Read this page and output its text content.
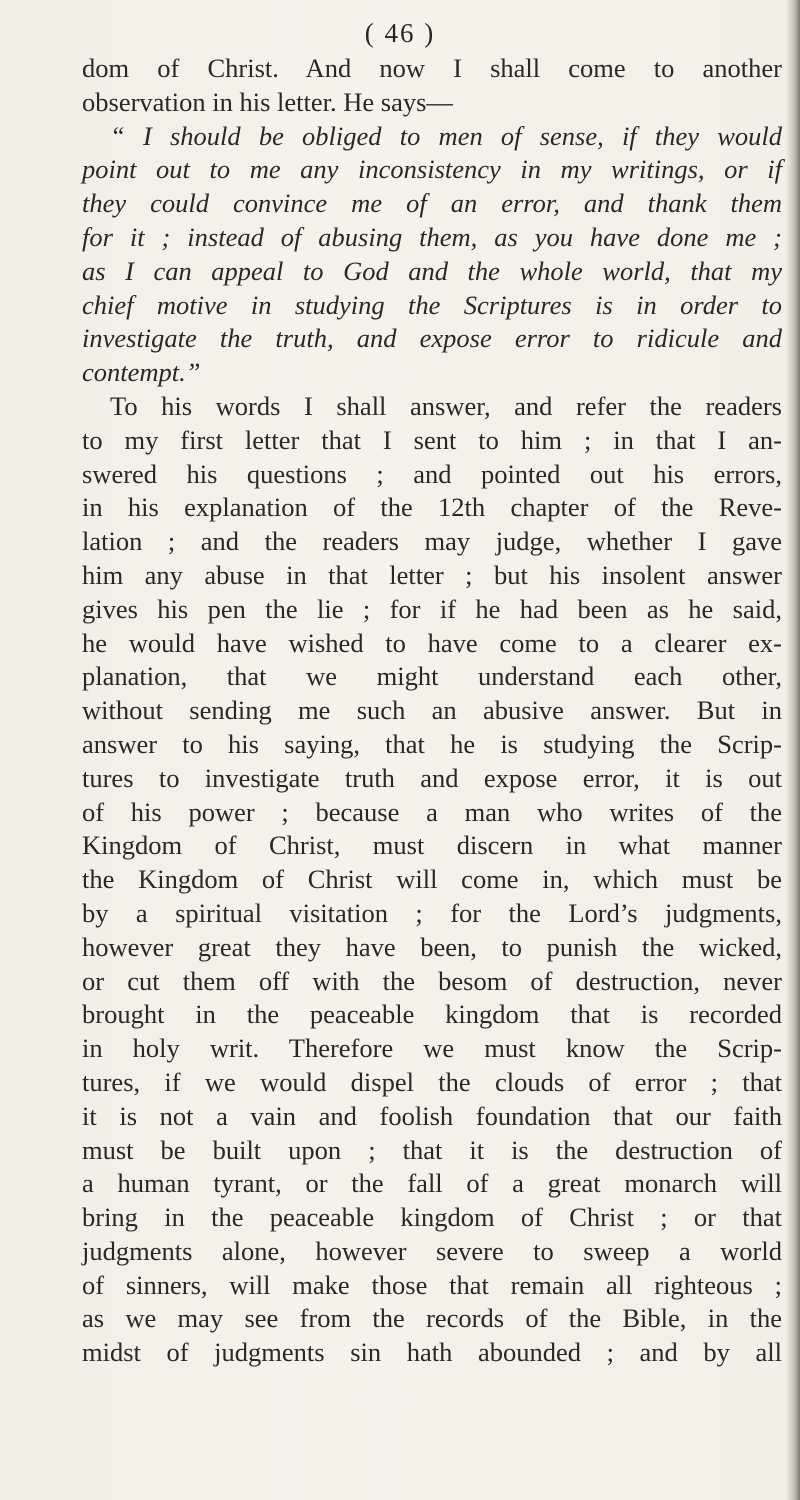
( 46 )
dom of Christ. And now I shall come to another
observation in his letter. He says—
“ I should be obliged to men of sense, if they would
point out to me any inconsistency in my writings, or if
they could convince me of an error, and thank them
for it ; instead of abusing them, as you have done me ;
as I can appeal to God and the whole world, that my
chief motive in studying the Scriptures is in order to
investigate the truth, and expose error to ridicule and
contempt.”
To his words I shall answer, and refer the readers
to my first letter that I sent to him ; in that I an-
swered his questions ; and pointed out his errors,
in his explanation of the 12th chapter of the Reve-
lation ; and the readers may judge, whether I gave
him any abuse in that letter ; but his insolent answer
gives his pen the lie ; for if he had been as he said,
he would have wished to have come to a clearer ex-
planation, that we might understand each other,
without sending me such an abusive answer. But in
answer to his saying, that he is studying the Scrip-
tures to investigate truth and expose error, it is out
of his power ; because a man who writes of the
Kingdom of Christ, must discern in what manner
the Kingdom of Christ will come in, which must be
by a spiritual visitation ; for the Lord’s judgments,
however great they have been, to punish the wicked,
or cut them off with the besom of destruction, never
brought in the peaceable kingdom that is recorded
in holy writ. Therefore we must know the Scrip-
tures, if we would dispel the clouds of error ; that
it is not a vain and foolish foundation that our faith
must be built upon ; that it is the destruction of
a human tyrant, or the fall of a great monarch will
bring in the peaceable kingdom of Christ ; or that
judgments alone, however severe to sweep a world
of sinners, will make those that remain all righteous ;
as we may see from the records of the Bible, in the
midst of judgments sin hath abounded ; and by all
